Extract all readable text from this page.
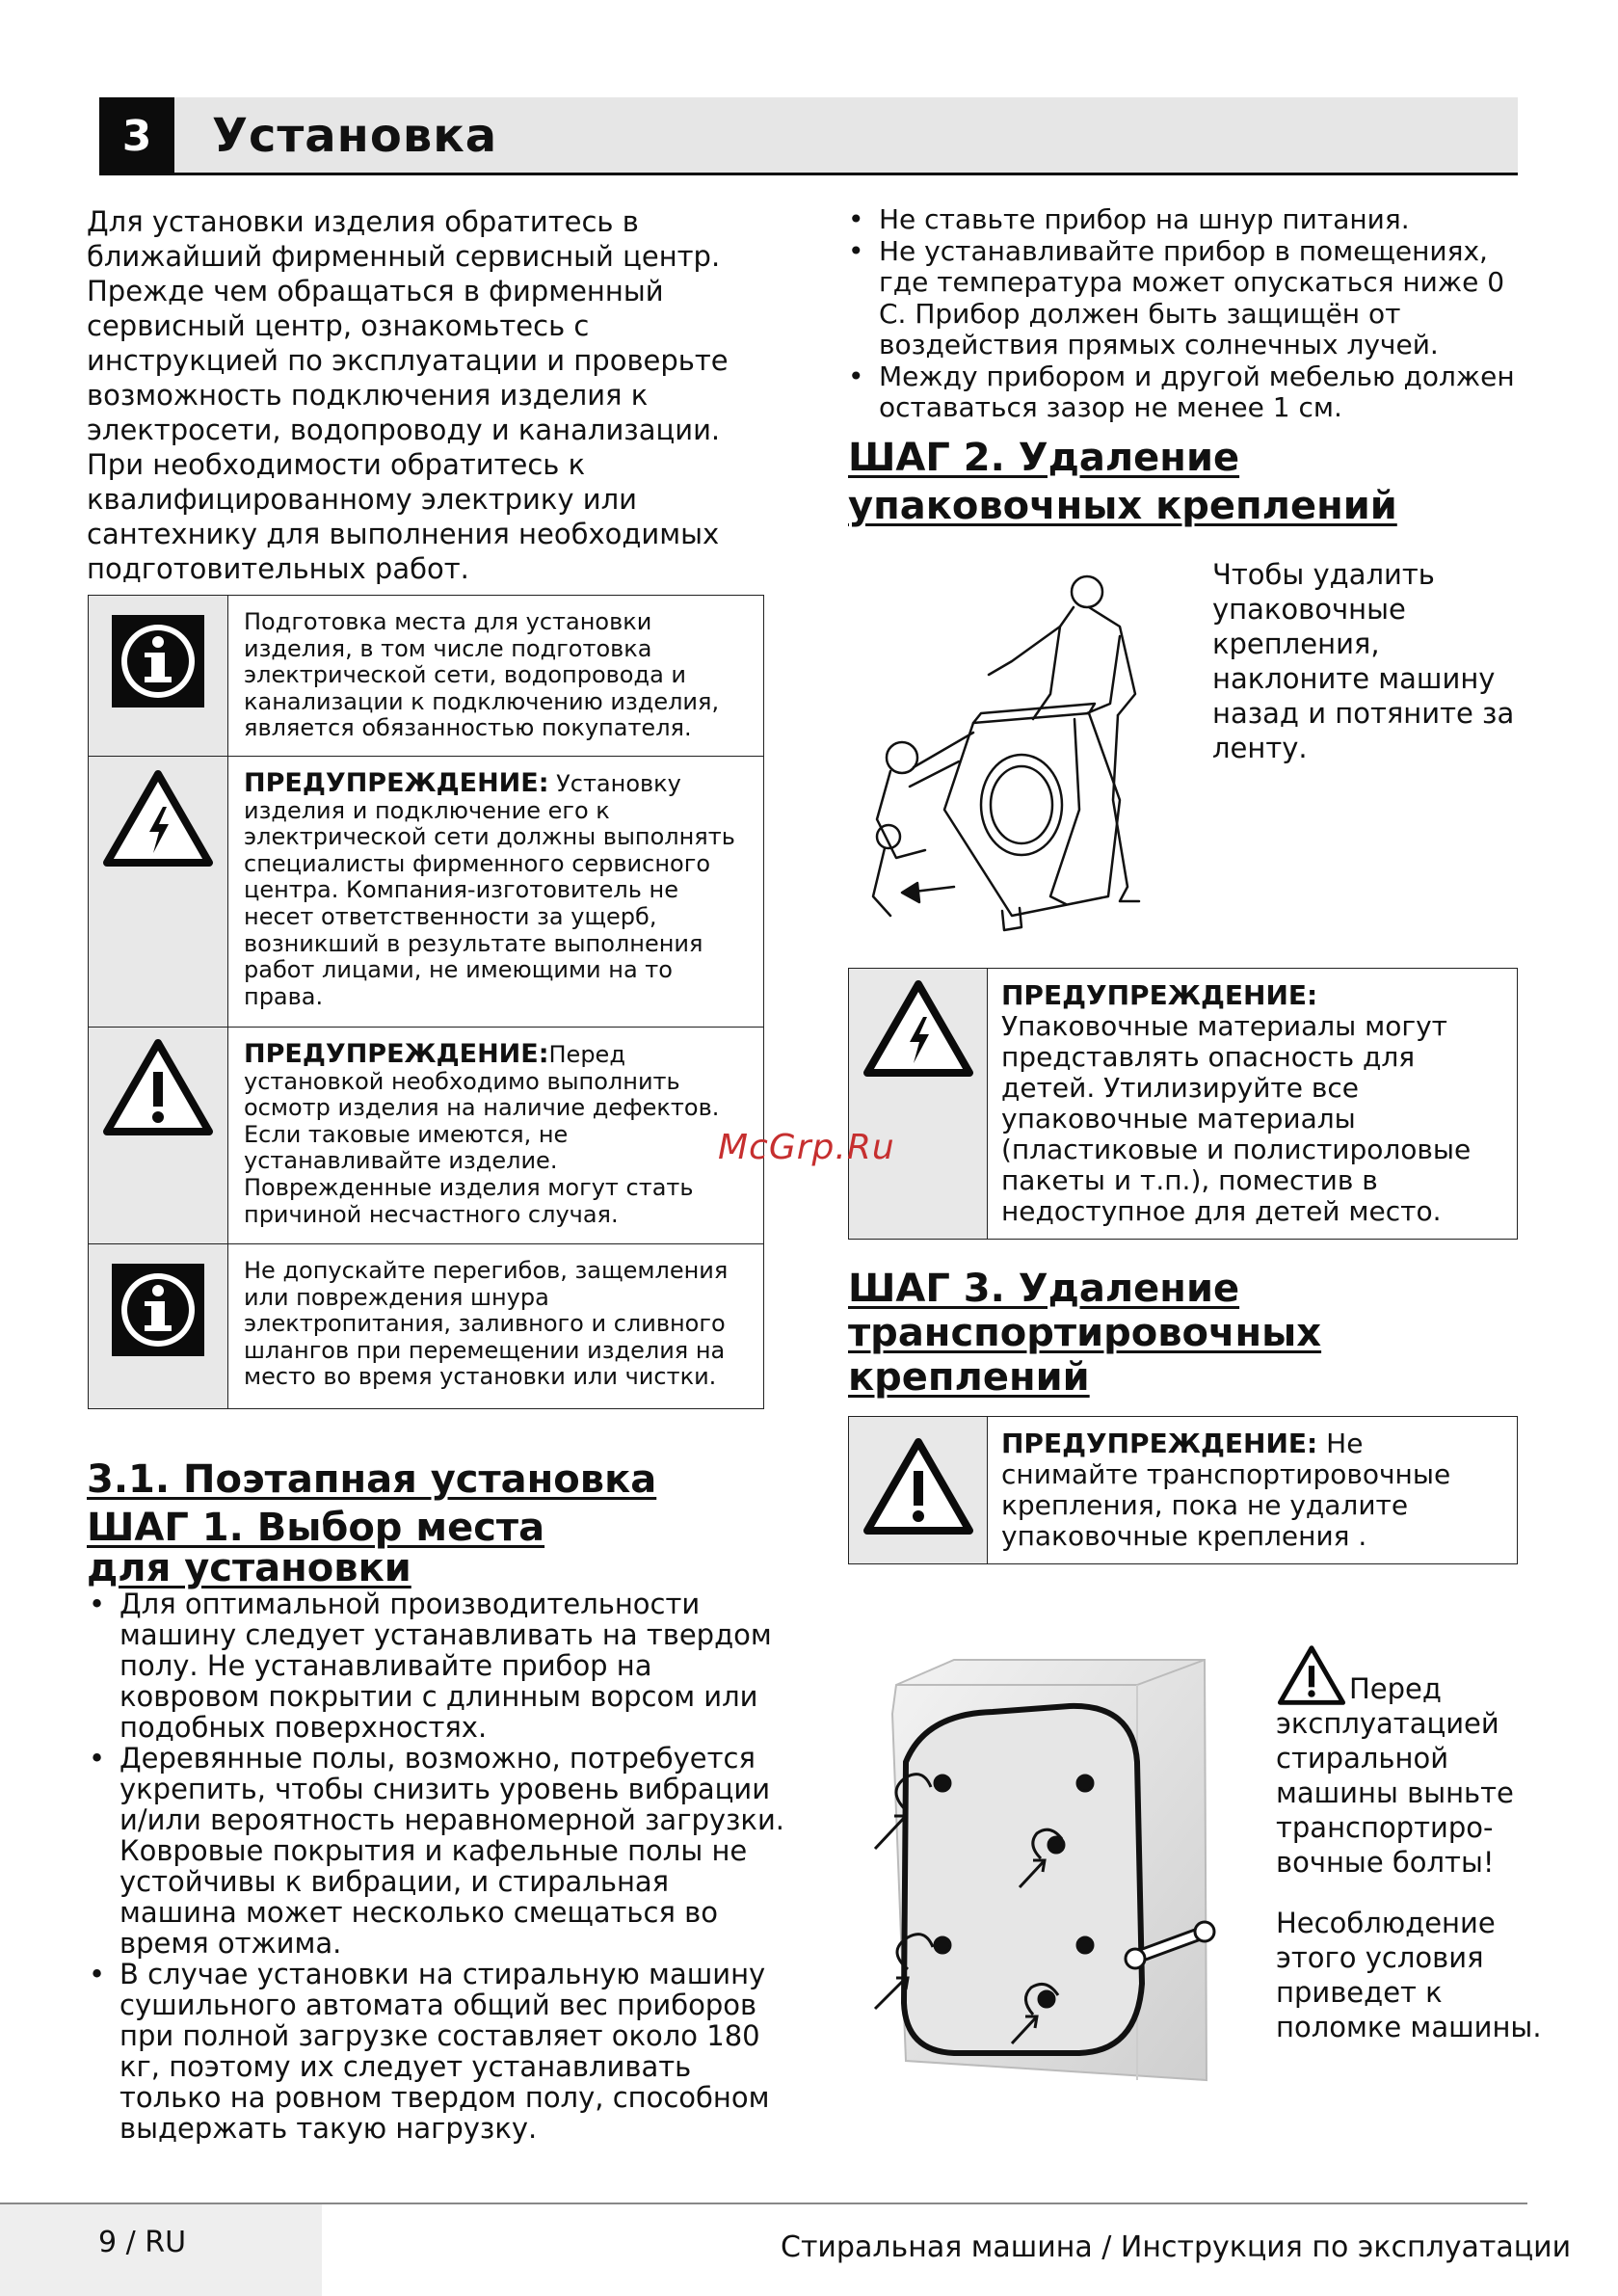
3	Установка
Для установки изделия обратитесь в ближайший фирменный сервисный центр. Прежде чем обращаться в фирменный сервисный центр, ознакомьтесь с инструкцией по эксплуатации и проверьте возможность подключения изделия к электросети, водопроводу и канализации. При необходимости обратитесь к квалифицированному электрику или сантехнику для выполнения необходимых подготовительных работ.
Подготовка места для установки изделия, в том числе подготовка электрической сети, водопровода и канализации к подключению изделия, является обязанностью покупателя.
ПРЕДУПРЕЖДЕНИЕ: Установку изделия и подключение его к электрической сети должны выполнять специалисты фирменного сервисного центра. Компания-изготовитель не несет ответственности за ущерб, возникший в результате выполнения работ лицами, не имеющими на то права.
ПРЕДУПРЕЖДЕНИЕ:Перед установкой необходимо выполнить осмотр изделия на наличие дефектов. Если таковые имеются, не устанавливайте изделие. Поврежденные изделия могут стать причиной несчастного случая.
Не допускайте перегибов, защемления или повреждения шнура электропитания, заливного и сливного шлангов при перемещении изделия на место во время установки или чистки.
3.1. Поэтапная установка
ШАГ 1. Выбор места
для установки
• Для оптимальной производительности машину следует устанавливать на твердом полу. Не устанавливайте прибор на ковровом покрытии с длинным ворсом или подобных поверхностях.
• Деревянные полы, возможно, потребуется укрепить, чтобы снизить уровень вибрации и/или вероятность неравномерной загрузки. Ковровые покрытия и кафельные полы не устойчивы к вибрации, и стиральная машина может несколько смещаться во время отжима.
• В случае установки на стиральную машину сушильного автомата общий вес приборов при полной загрузке составляет около 180 кг, поэтому их следует устанавливать только на ровном твердом полу, способном выдержать такую нагрузку.
• Не ставьте прибор на шнур питания.
• Не устанавливайте прибор в помещениях, где температура может опускаться ниже 0 С. Прибор должен быть защищён от воздействия прямых солнечных лучей.
• Между прибором и другой мебелью должен оставаться зазор не менее 1 см.
ШАГ 2. Удаление
упаковочных креплений
Чтобы удалить упаковочные крепления, наклоните машину назад и потяните за ленту.
ПРЕДУПРЕЖДЕНИЕ:
Упаковочные материалы могут представлять опасность для детей. Утилизируйте все упаковочные материалы (пластиковые и полистироловые пакеты и т.п.), поместив в недоступное для детей место.
ШАГ 3. Удаление
транспортировочных
креплений
ПРЕДУПРЕЖДЕНИЕ: Не снимайте транспортировочные крепления, пока не удалите упаковочные крепления .
Перед эксплуатацией стиральной машины выньте транспортиро-вочные болты!
Несоблюдение этого условия приведет к поломке машины.
McGrp.Ru
9 / RU	Стиральная машина / Инструкция по эксплуатации
